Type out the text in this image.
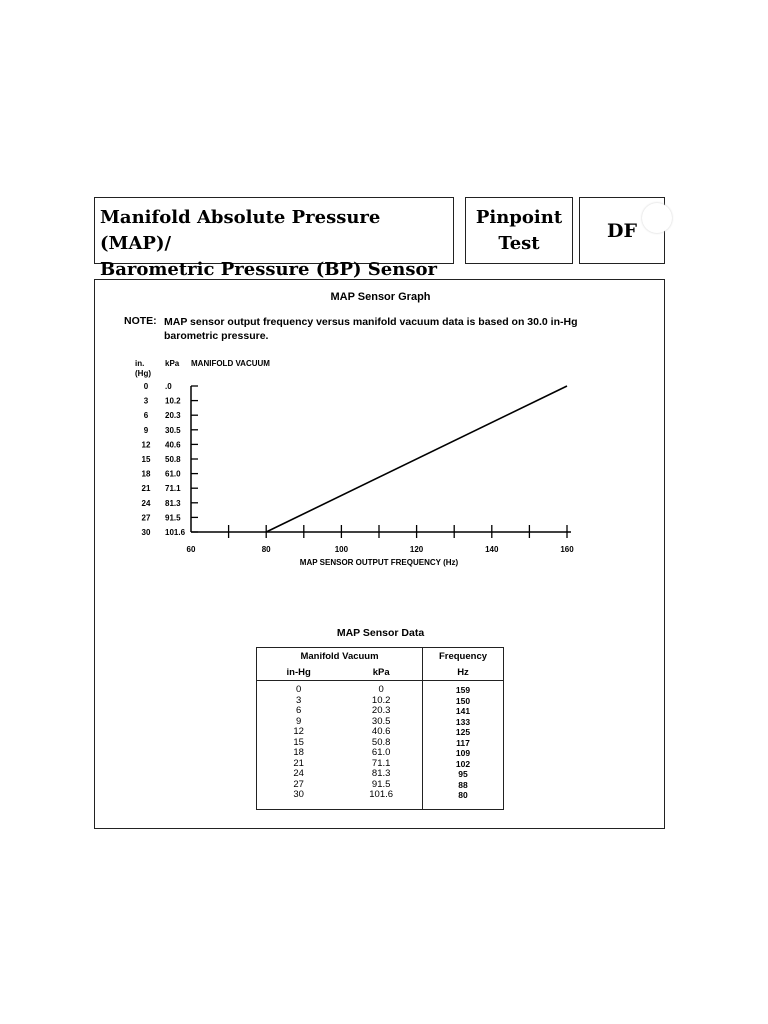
Manifold Absolute Pressure (MAP)/
Barometric Pressure (BP) Sensor
Pinpoint
Test
DF
MAP Sensor Graph
NOTE: MAP sensor output frequency versus manifold vacuum data is based on 30.0 in-Hg barometric pressure.
in.
(Hg)
kPa MANIFOLD VACUUM
0 .0
3 10.2
6 20.3
9 30.5
12 40.6
15 50.8
18 61.0
21 71.1
24 81.3
27 91.5
30 101.6
60	80	100	120	140	160
MAP SENSOR OUTPUT FREQUENCY (Hz)
MAP Sensor Data
Manifold Vacuum		Frequency
in-Hg	kPa	Hz
0	0	159
3	10.2	150
6	20.3	141
9	30.5	133
12	40.6	125
15	50.8	117
18	61.0	109
21	71.1	102
24	81.3	95
27	91.5	88
30	101.6	80
